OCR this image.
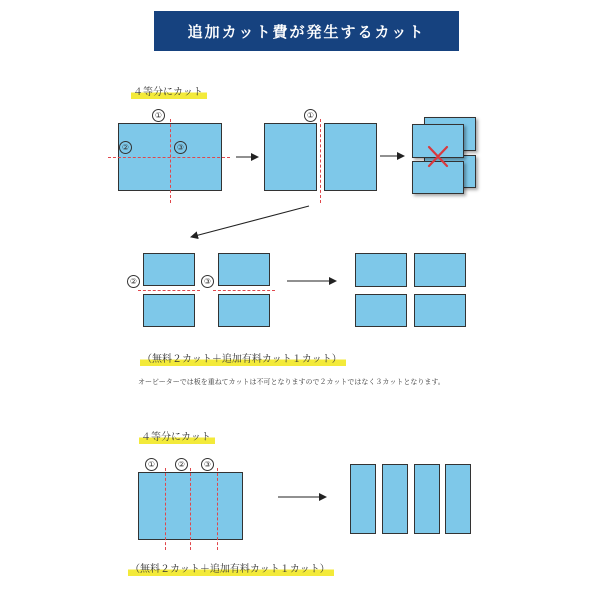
追加カット費が発生するカット
４等分にカット
①
②	③
①
②	③
（無料２カット＋追加有料カット１カット）
オービーターでは板を重ねてカットは不可となりますので２カットではなく３カットとなります。
４等分にカット
①	②	③
（無料２カット＋追加有料カット１カット）
